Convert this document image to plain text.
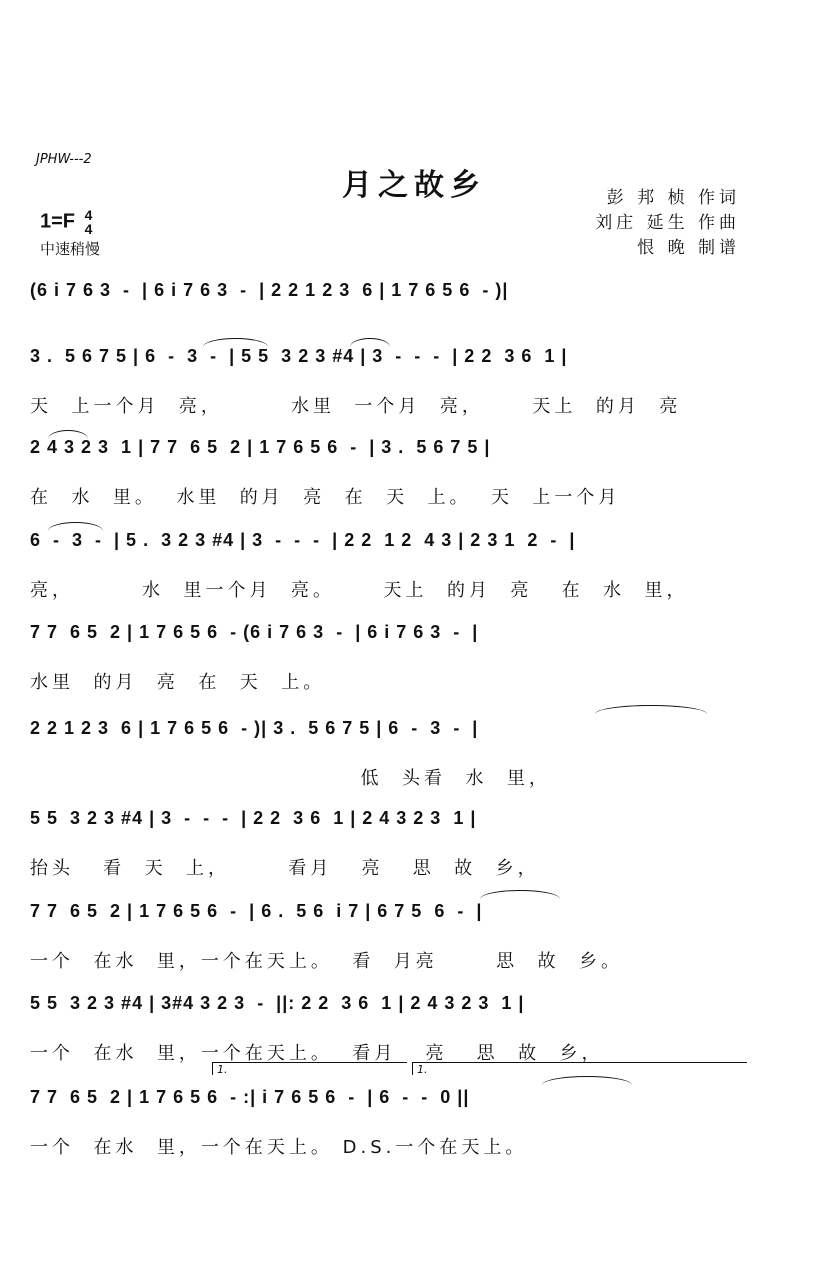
JPHW---2
月之故乡	彭 邦 桢 作词
刘庄 延生 作曲
恨 晚 制谱
1=F 4
4
中速稍慢
(6 i 7 6 3  -  | 6 i 7 6 3  -  | 2 2 1 2 3  6 | 1 7 6 5 6  - )|
3 .  5 6 7 5 | 6  -  3  -  | 5 5  3 2 3 #4 | 3  -  -  -  | 2 2  3 6  1 |
天  上一个月  亮，       水里  一个月  亮，     天上  的月  亮
2 4 3 2 3  1 | 7 7  6 5  2 | 1 7 6 5 6  -  | 3 .  5 6 7 5 |
在  水  里。  水里  的月  亮  在  天  上。  天  上一个月
6  -  3  -  | 5 .  3 2 3 #4 | 3  -  -  -  | 2 2  1 2  4 3 | 2 3 1  2  -  |
亮，       水  里一个月  亮。     天上  的月  亮   在  水  里，
7 7  6 5  2 | 1 7 6 5 6  - (6 i 7 6 3  -  | 6 i 7 6 3  -  |
水里  的月  亮  在  天  上。
2 2 1 2 3  6 | 1 7 6 5 6  - )| 3 .  5 6 7 5 | 6  -  3  -  |
低  头看  水  里，
5 5  3 2 3 #4 | 3  -  -  -  | 2 2  3 6  1 | 2 4 3 2 3  1 |
抬头   看  天  上，      看月   亮   思  故  乡，
7 7  6 5  2 | 1 7 6 5 6  -  | 6 .  5 6  i 7 | 6 7 5  6  -  |
一个  在水  里，一个在天上。  看  月亮      思  故  乡。
5 5  3 2 3 #4 | 3#4 3 2 3  -  ||: 2 2  3 6  1 | 2 4 3 2 3  1 |
一个  在水  里，一个在天上。  看月   亮   思  故  乡，
7 7  6 5  2 | 1 7 6 5 6  - :| i 7 6 5 6  -  | 6  -  -  0 ||
一个  在水  里，一个在天上。 D.S.一个在天上。
1.	1.
